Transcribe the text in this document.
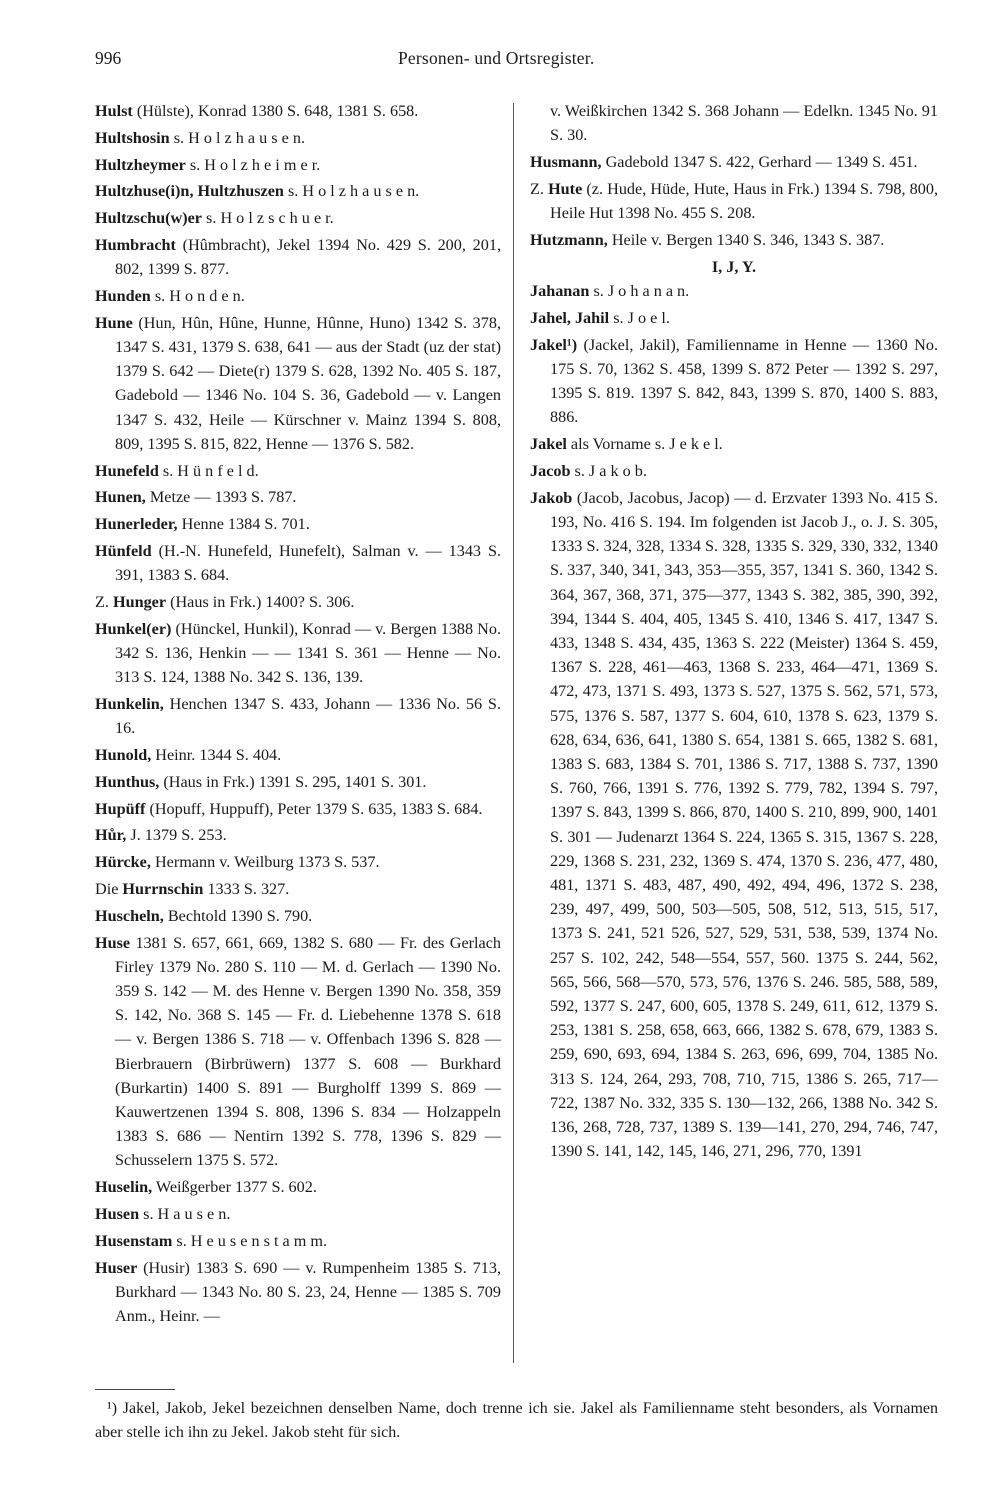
996	Personen- und Ortsregister.
Hulst (Hülste), Konrad 1380 S. 648, 1381 S. 658.
Hultshosin s. H o l z h a u s e n.
Hultzheymer s. H o l z h e i m e r.
Hultzhuse(i)n, Hultzhuszen s. H o l z h a u s e n.
Hultzschu(w)er s. H o l z s c h u e r.
Humbracht (Hûmbracht), Jekel 1394 No. 429 S. 200, 201, 802, 1399 S. 877.
Hunden s. H o n d e n.
Hune (Hun, Hûn, Hûne, Hunne, Hûnne, Huno) 1342 S. 378, 1347 S. 431, 1379 S. 638, 641 — aus der Stadt (uz der stat) 1379 S. 642 — Diete(r) 1379 S. 628, 1392 No. 405 S. 187, Gadebold — 1346 No. 104 S. 36, Gadebold — v. Langen 1347 S. 432, Heile — Kürschner v. Mainz 1394 S. 808, 809, 1395 S. 815, 822, Henne — 1376 S. 582.
Hunefeld s. H ü n f e l d.
Hunen, Metze — 1393 S. 787.
Hunerleder, Henne 1384 S. 701.
Hünfeld (H.-N. Hunefeld, Hunefelt), Salman v. — 1343 S. 391, 1383 S. 684.
Z. Hunger (Haus in Frk.) 1400? S. 306.
Hunkel(er) (Hünckel, Hunkil), Konrad — v. Bergen 1388 No. 342 S. 136, Henkin — — 1341 S. 361 — Henne — No. 313 S. 124, 1388 No. 342 S. 136, 139.
Hunkelin, Henchen 1347 S. 433, Johann — 1336 No. 56 S. 16.
Hunold, Heinr. 1344 S. 404.
Hunthus, (Haus in Frk.) 1391 S. 295, 1401 S. 301.
Hupüff (Hopuff, Huppuff), Peter 1379 S. 635, 1383 S. 684.
Hůr, J. 1379 S. 253.
Hürcke, Hermann v. Weilburg 1373 S. 537.
Die Hurrnschin 1333 S. 327.
Huscheln, Bechtold 1390 S. 790.
Huse 1381 S. 657, 661, 669, 1382 S. 680 — Fr. des Gerlach Firley 1379 No. 280 S. 110 — M. d. Gerlach — 1390 No. 359 S. 142 — M. des Henne v. Bergen 1390 No. 358, 359 S. 142, No. 368 S. 145 — Fr. d. Liebehenne 1378 S. 618 — v. Bergen 1386 S. 718 — v. Offenbach 1396 S. 828 — Bierbrauern (Birbrüwern) 1377 S. 608 — Burkhard (Burkartin) 1400 S. 891 — Burgholff 1399 S. 869 — Kauwertzenen 1394 S. 808, 1396 S. 834 — Holzappeln 1383 S. 686 — Nentirn 1392 S. 778, 1396 S. 829 — Schusselern 1375 S. 572.
Huselin, Weißgerber 1377 S. 602.
Husen s. H a u s e n.
Husenstam s. H e u s e n s t a m m.
Huser (Husir) 1383 S. 690 — v. Rumpenheim 1385 S. 713, Burkhard — 1343 No. 80 S. 23, 24, Henne — 1385 S. 709 Anm., Heinr. —
v. Weißkirchen 1342 S. 368 Johann — Edelkn. 1345 No. 91 S. 30.
Husmann, Gadebold 1347 S. 422, Gerhard — 1349 S. 451.
Z. Hute (z. Hude, Hüde, Hute, Haus in Frk.) 1394 S. 798, 800, Heile Hut 1398 No. 455 S. 208.
Hutzmann, Heile v. Bergen 1340 S. 346, 1343 S. 387.
I, J, Y.
Jahanan s. J o h a n a n.
Jahel, Jahil s. J o e l.
Jakel¹) (Jackel, Jakil), Familienname in Henne — 1360 No. 175 S. 70, 1362 S. 458, 1399 S. 872 Peter — 1392 S. 297, 1395 S. 819. 1397 S. 842, 843, 1399 S. 870, 1400 S. 883, 886.
Jakel als Vorname s. J e k e l.
Jacob s. J a k o b.
Jakob (Jacob, Jacobus, Jacop) — d. Erzvater 1393 No. 415 S. 193, No. 416 S. 194. Im folgenden ist Jacob J., o. J. S. 305, 1333 S. 324, 328, 1334 S. 328, 1335 S. 329, 330, 332, 1340 S. 337, 340, 341, 343, 353—355, 357, 1341 S. 360, 1342 S. 364, 367, 368, 371, 375—377, 1343 S. 382, 385, 390, 392, 394, 1344 S. 404, 405, 1345 S. 410, 1346 S. 417, 1347 S. 433, 1348 S. 434, 435, 1363 S. 222 (Meister) 1364 S. 459, 1367 S. 228, 461—463, 1368 S. 233, 464—471, 1369 S. 472, 473, 1371 S. 493, 1373 S. 527, 1375 S. 562, 571, 573, 575, 1376 S. 587, 1377 S. 604, 610, 1378 S. 623, 1379 S. 628, 634, 636, 641, 1380 S. 654, 1381 S. 665, 1382 S. 681, 1383 S. 683, 1384 S. 701, 1386 S. 717, 1388 S. 737, 1390 S. 760, 766, 1391 S. 776, 1392 S. 779, 782, 1394 S. 797, 1397 S. 843, 1399 S. 866, 870, 1400 S. 210, 899, 900, 1401 S. 301 — Judenarzt 1364 S. 224, 1365 S. 315, 1367 S. 228, 229, 1368 S. 231, 232, 1369 S. 474, 1370 S. 236, 477, 480, 481, 1371 S. 483, 487, 490, 492, 494, 496, 1372 S. 238, 239, 497, 499, 500, 503—505, 508, 512, 513, 515, 517, 1373 S. 241, 521 526, 527, 529, 531, 538, 539, 1374 No. 257 S. 102, 242, 548—554, 557, 560. 1375 S. 244, 562, 565, 566, 568—570, 573, 576, 1376 S. 246. 585, 588, 589, 592, 1377 S. 247, 600, 605, 1378 S. 249, 611, 612, 1379 S. 253, 1381 S. 258, 658, 663, 666, 1382 S. 678, 679, 1383 S. 259, 690, 693, 694, 1384 S. 263, 696, 699, 704, 1385 No. 313 S. 124, 264, 293, 708, 710, 715, 1386 S. 265, 717—722, 1387 No. 332, 335 S. 130—132, 266, 1388 No. 342 S. 136, 268, 728, 737, 1389 S. 139—141, 270, 294, 746, 747, 1390 S. 141, 142, 145, 146, 271, 296, 770, 1391
¹) Jakel, Jakob, Jekel bezeichnen denselben Name, doch trenne ich sie. Jakel als Familienname steht besonders, als Vornamen aber stelle ich ihn zu Jekel. Jakob steht für sich.
